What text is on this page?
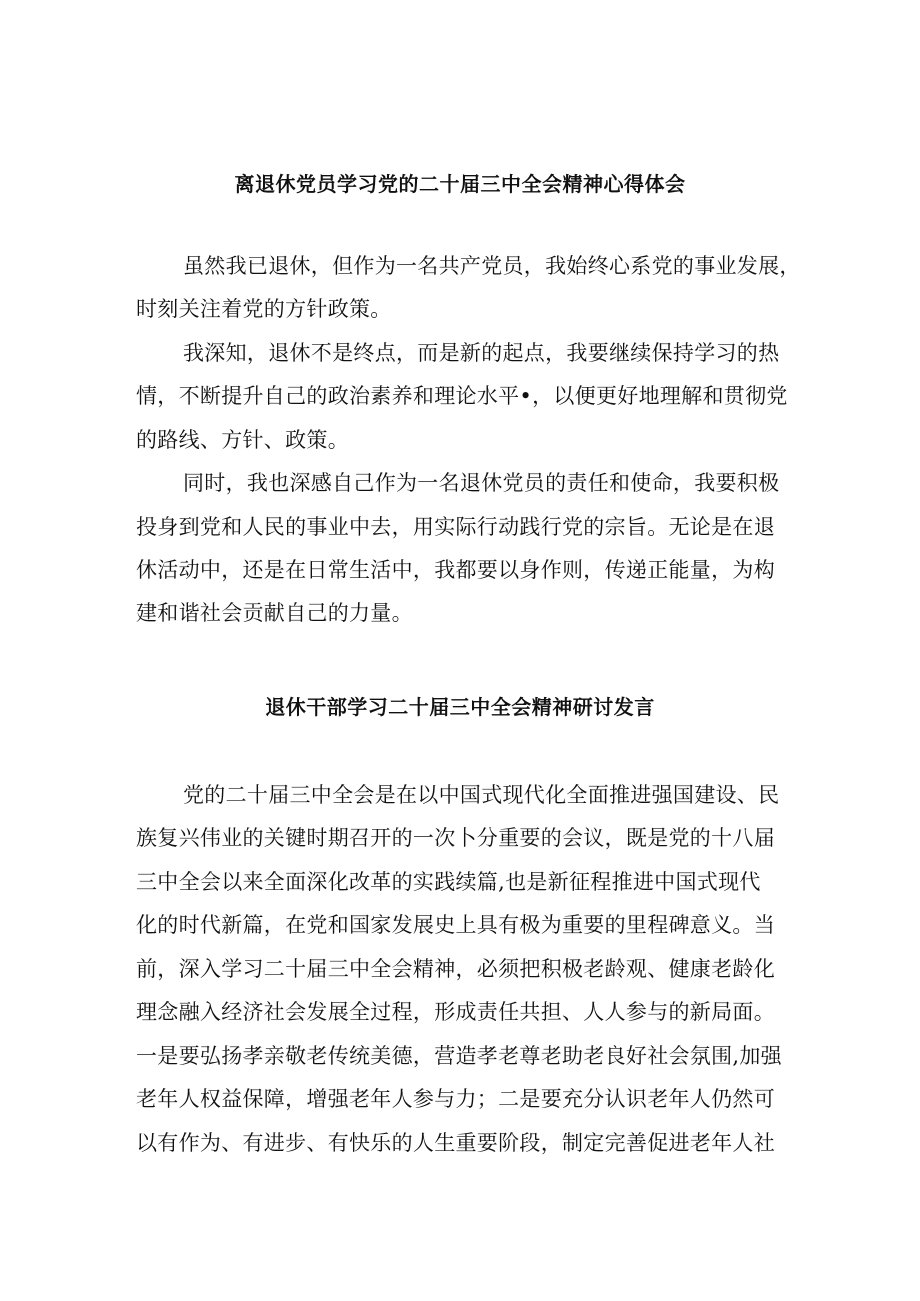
离退休党员学习党的二十届三中全会精神心得体会
虽然我已退休，但作为一名共产党员，我始终心系党的事业发展，
时刻关注着党的方针政策。
我深知，退休不是终点，而是新的起点，我要继续保持学习的热
情，不断提升自己的政治素养和理论水平•，以便更好地理解和贯彻党
的路线、方针、政策。
同时，我也深感自己作为一名退休党员的责任和使命，我要积极
投身到党和人民的事业中去，用实际行动践行党的宗旨。无论是在退
休活动中，还是在日常生活中，我都要以身作则，传递正能量，为构
建和谐社会贡献自己的力量。
退休干部学习二十届三中全会精神研讨发言
党的二十届三中全会是在以中国式现代化全面推进强国建设、民
族复兴伟业的关键时期召开的一次卜分重要的会议，既是党的十八届
三中全会以来全面深化改革的实践续篇,也是新征程推进中国式现代
化的时代新篇，在党和国家发展史上具有极为重要的里程碑意义。当
前，深入学习二十届三中全会精神，必须把积极老龄观、健康老龄化
理念融入经济社会发展全过程，形成责任共担、人人参与的新局面。
一是要弘扬孝亲敬老传统美德，营造孝老尊老助老良好社会氛围,加强
老年人权益保障，增强老年人参与力；二是要充分认识老年人仍然可
以有作为、有进步、有快乐的人生重要阶段，制定完善促进老年人社
